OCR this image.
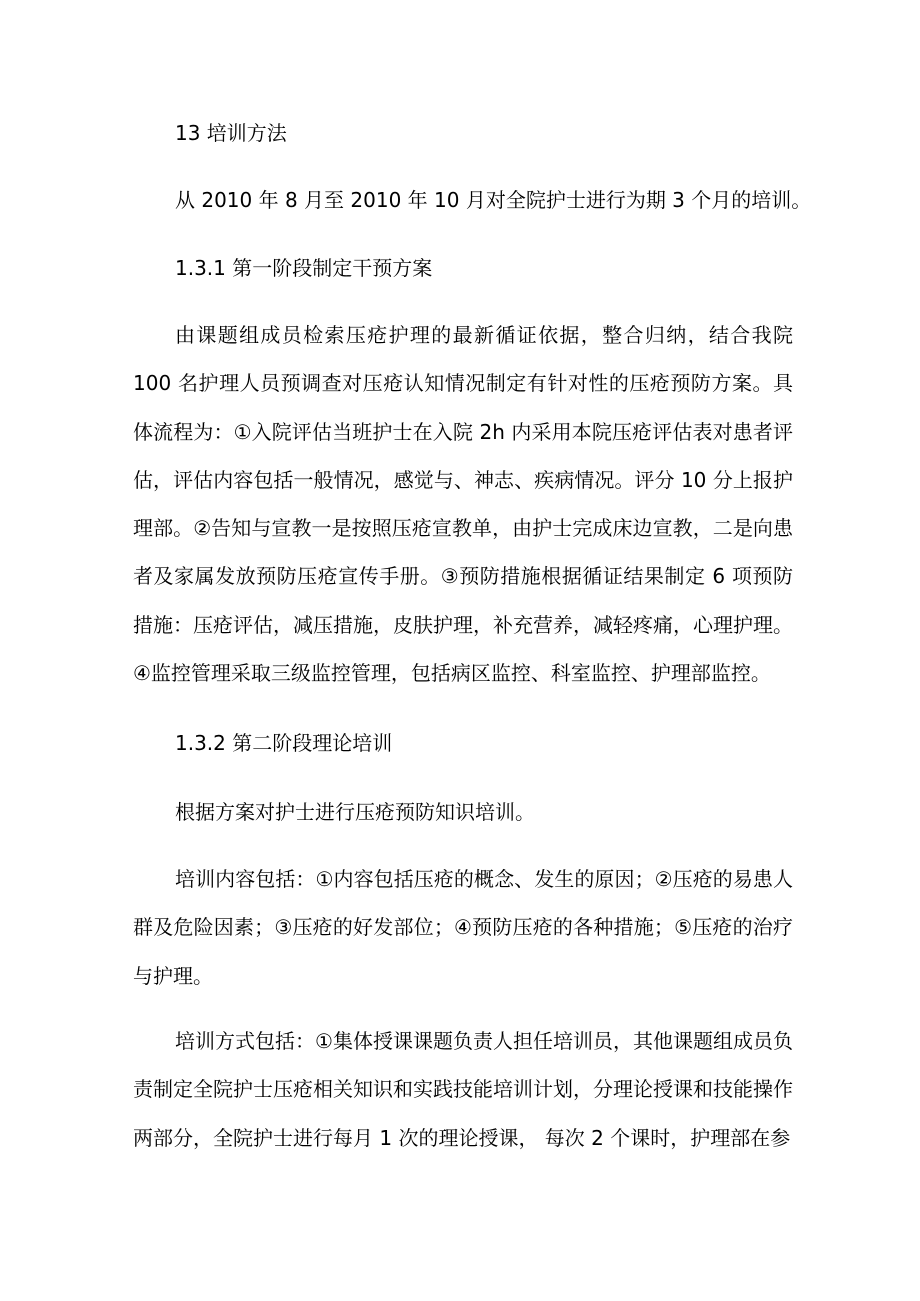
13 培训方法

从 2010 年 8 月至 2010 年 10 月对全院护士进行为期 3 个月的培训。

1.3.1 第一阶段制定干预方案

由课题组成员检索压疮护理的最新循证依据，整合归纳，结合我院 100 名护理人员预调查对压疮认知情况制定有针对性的压疮预防方案。具体流程为：①入院评估当班护士在入院 2h 内采用本院压疮评估表对患者评估，评估内容包括一般情况，感觉与、神志、疾病情况。评分 10 分上报护理部。②告知与宣教一是按照压疮宣教单，由护士完成床边宣教，二是向患者及家属发放预防压疮宣传手册。③预防措施根据循证结果制定 6 项预防措施：压疮评估，减压措施，皮肤护理，补充营养，减轻疼痛，心理护理。④监控管理采取三级监控管理，包括病区监控、科室监控、护理部监控。

1.3.2 第二阶段理论培训

根据方案对护士进行压疮预防知识培训。

培训内容包括：①内容包括压疮的概念、发生的原因；②压疮的易患人群及危险因素；③压疮的好发部位；④预防压疮的各种措施；⑤压疮的治疗与护理。

培训方式包括：①集体授课课题负责人担任培训员，其他课题组成员负责制定全院护士压疮相关知识和实践技能培训计划，分理论授课和技能操作两部分，全院护士进行每月 1 次的理论授课， 每次 2 个课时，护理部在参
